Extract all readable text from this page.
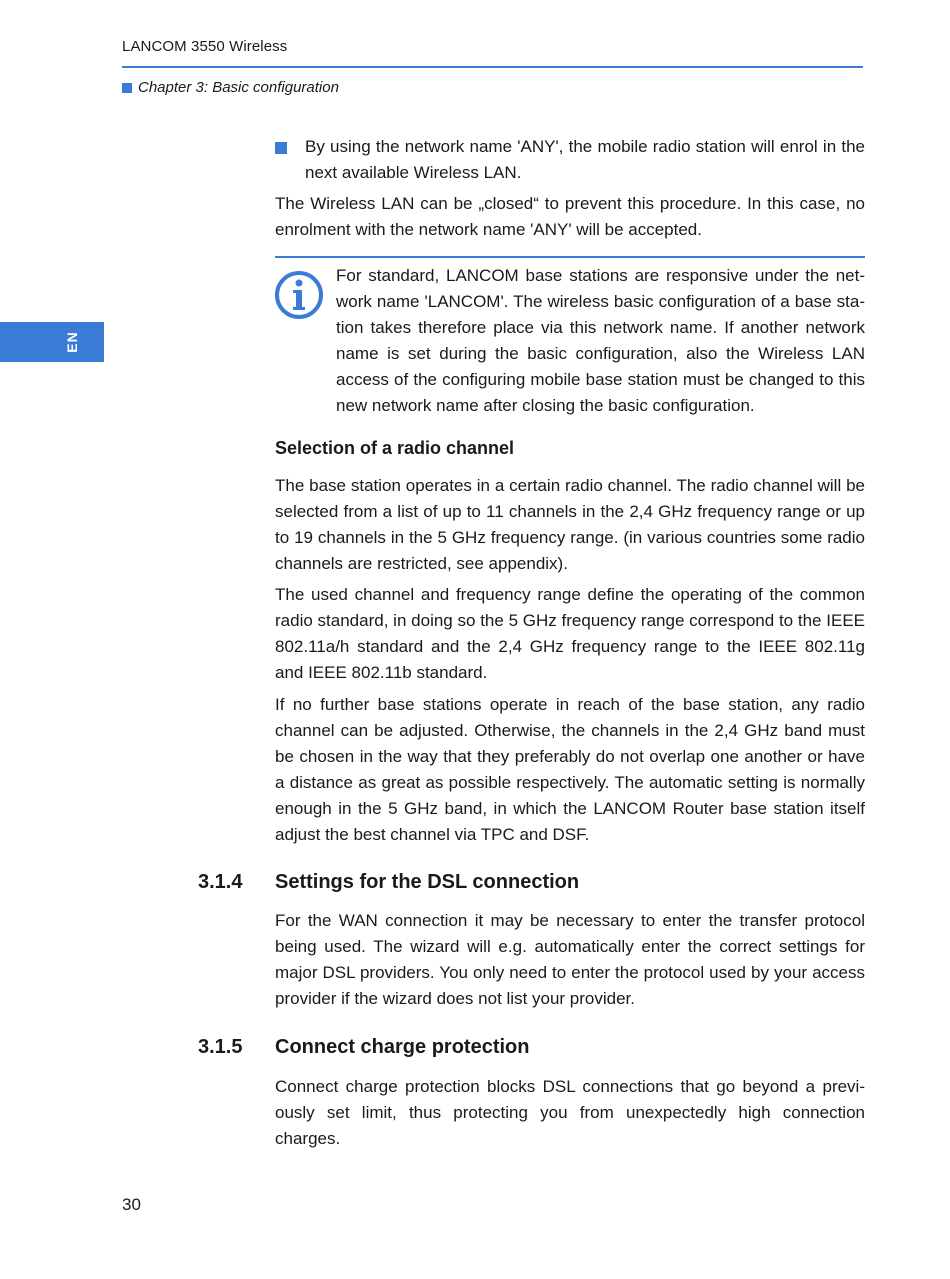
LANCOM 3550 Wireless
Chapter 3: Basic configuration
EN
By using the network name 'ANY', the mobile radio station will enrol in the next available Wireless LAN.
The Wireless LAN can be „closed“ to prevent this procedure. In this case, no enrolment with the network name 'ANY' will be accepted.
For standard, LANCOM base stations are responsive under the net-work name 'LANCOM'. The wireless basic configuration of a base sta-tion takes therefore place via this network name. If another network name is set during the basic configuration, also the Wireless LAN access of the configuring mobile base station must be changed to this new network name after closing the basic configuration.
Selection of a radio channel
The base station operates in a certain radio channel. The radio channel will be selected from a list of up to 11 channels in the 2,4 GHz frequency range or up to 19 channels in the 5 GHz frequency range. (in various countries some radio channels are restricted, see appendix).
The used channel and frequency range define the operating of the common radio standard, in doing so the 5 GHz frequency range correspond to the IEEE 802.11a/h standard and the 2,4 GHz frequency range to the IEEE 802.11g and IEEE 802.11b standard.
If no further base stations operate in reach of the base station, any radio channel can be adjusted. Otherwise, the channels in the 2,4 GHz band must be chosen in the way that they preferably do not overlap one another or have a distance as great as possible respectively. The automatic setting is normally enough in the 5 GHz band, in which the LANCOM Router base station itself adjust the best channel via TPC and DSF.
3.1.4 Settings for the DSL connection
For the WAN connection it may be necessary to enter the transfer protocol being used. The wizard will e.g. automatically enter the correct settings for major DSL providers. You only need to enter the protocol used by your access provider if the wizard does not list your provider.
3.1.5 Connect charge protection
Connect charge protection blocks DSL connections that go beyond a previ-ously set limit, thus protecting you from unexpectedly high connection charges.
30
